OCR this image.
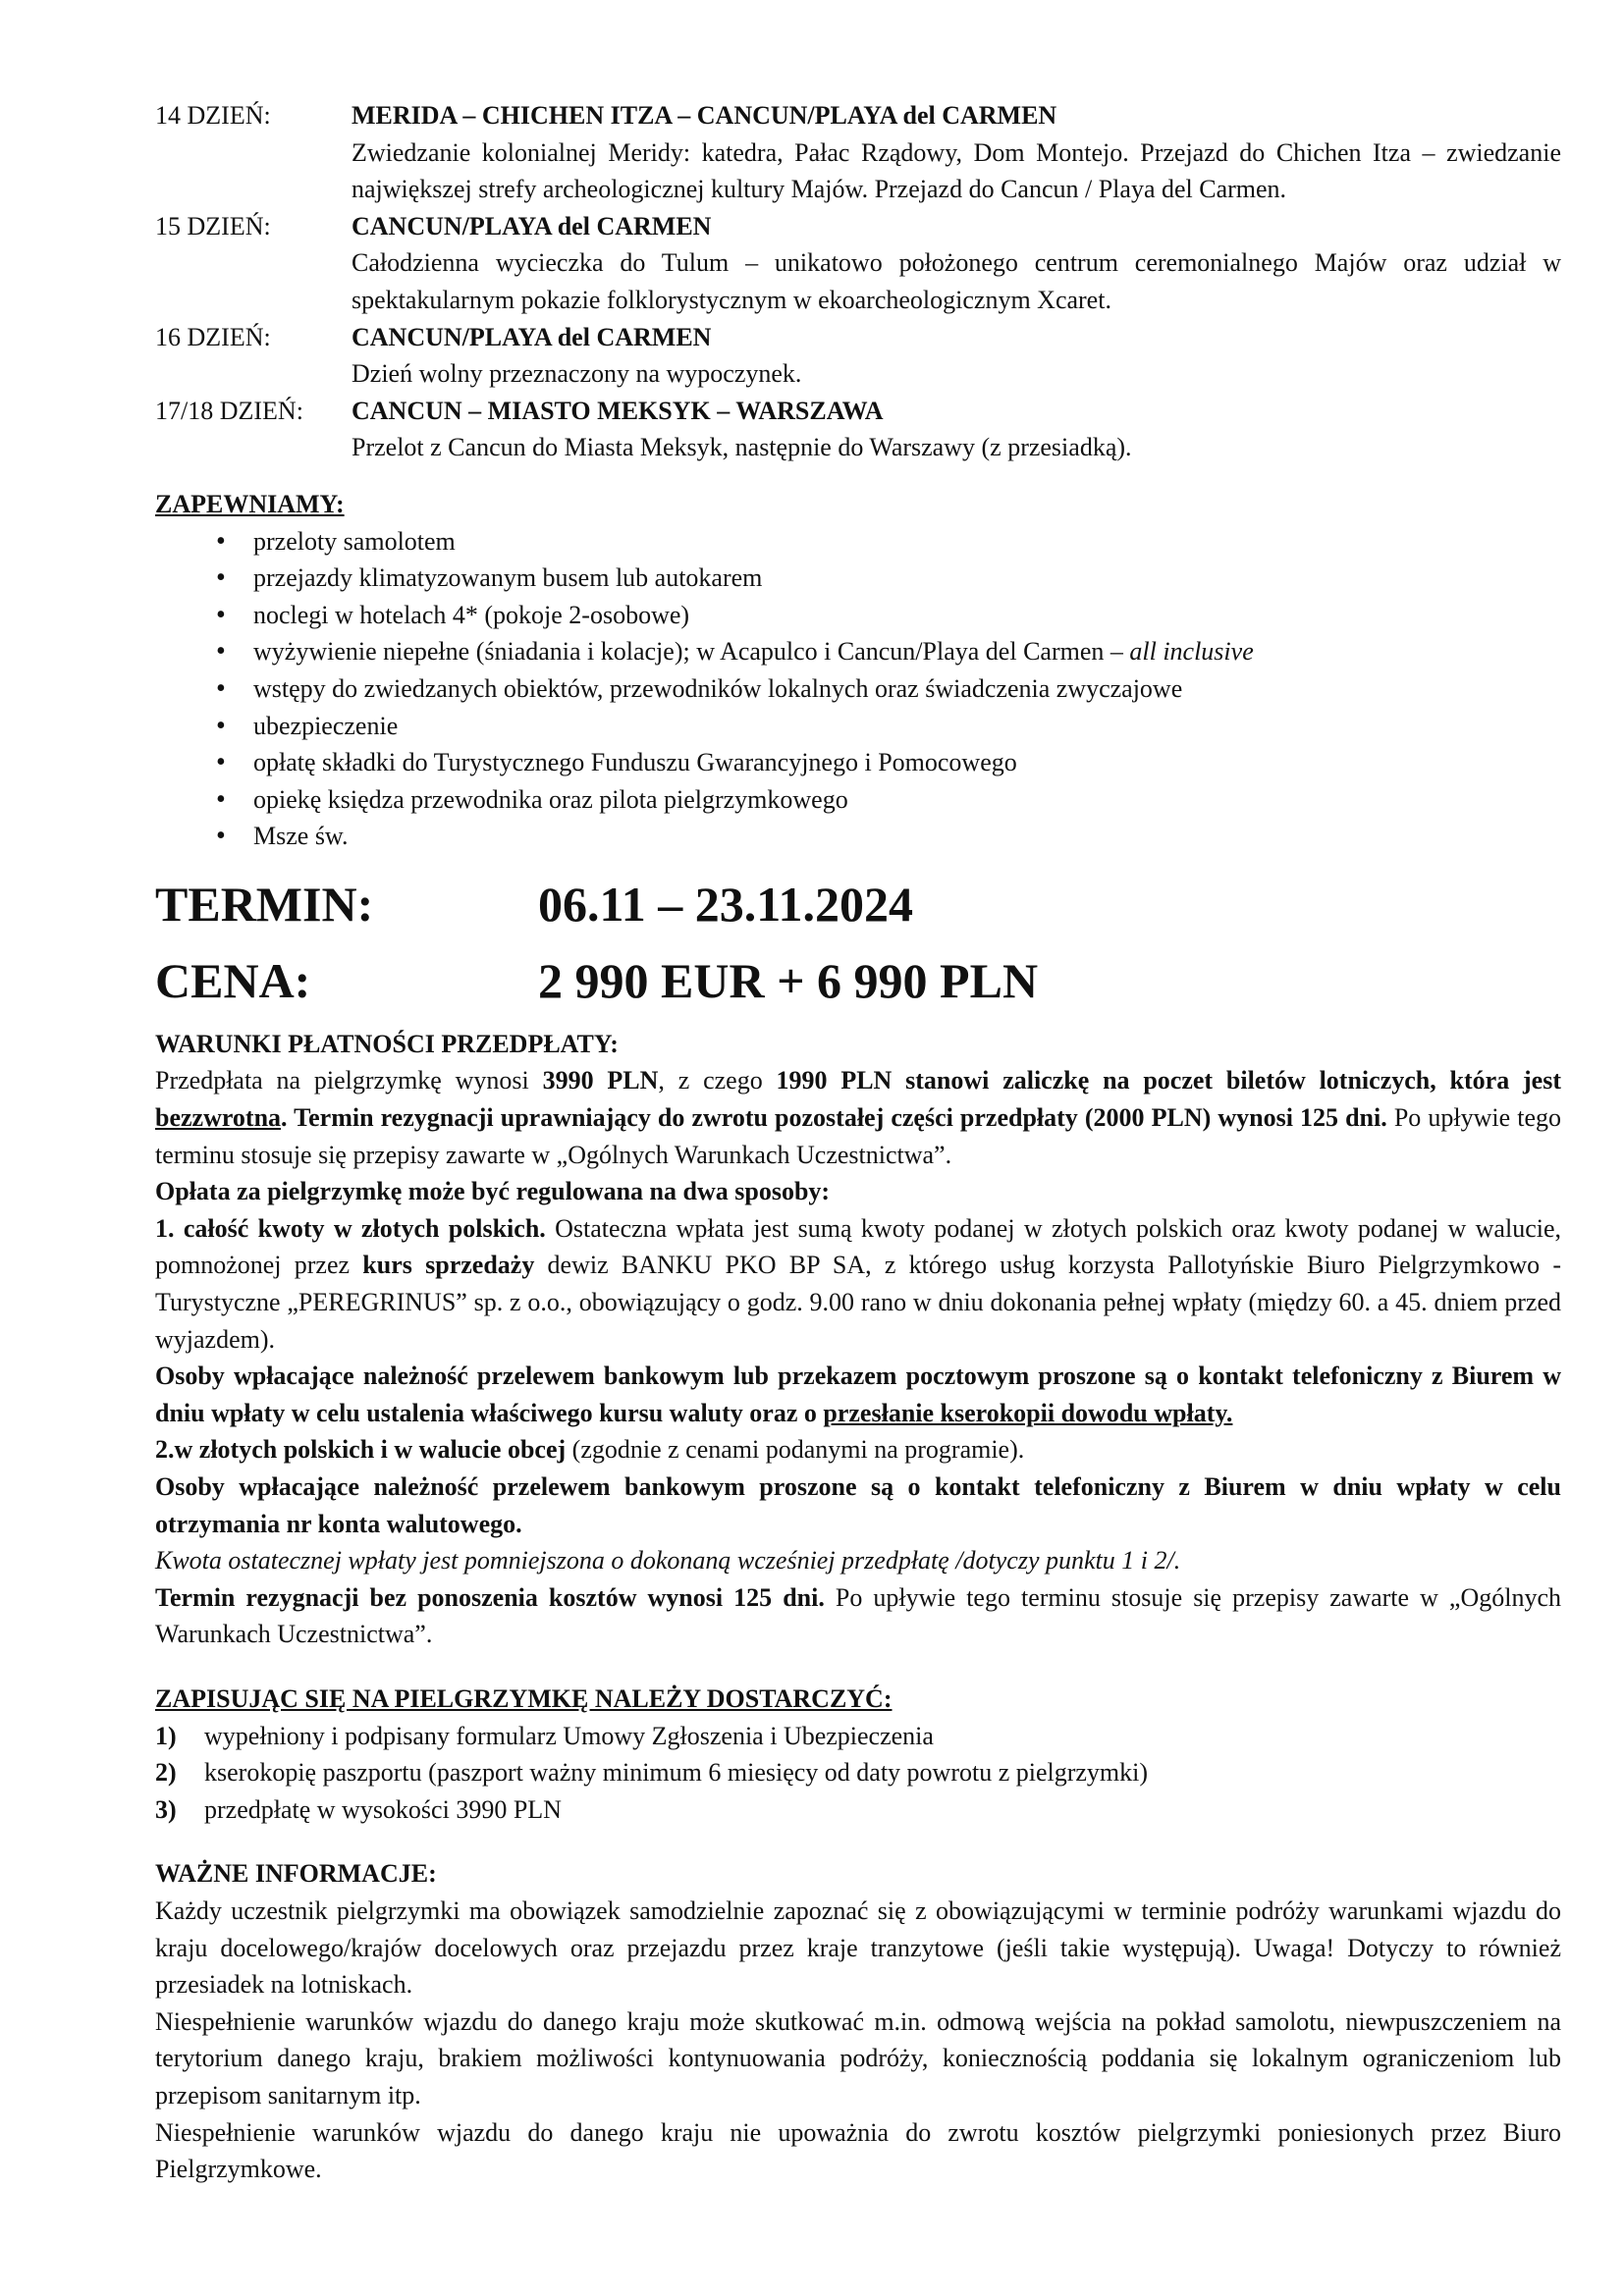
14 DZIEŃ:	MERIDA – CHICHEN ITZA – CANCUN/PLAYA del CARMEN
Zwiedzanie kolonialnej Meridy: katedra, Pałac Rządowy, Dom Montejo. Przejazd do Chichen Itza – zwiedzanie największej strefy archeologicznej kultury Majów. Przejazd do Cancun / Playa del Carmen.
15 DZIEŃ:	CANCUN/PLAYA del CARMEN
Całodzienna wycieczka do Tulum – unikatowo położonego centrum ceremonialnego Majów oraz udział w spektakularnym pokazie folklorystycznym w ekoarcheologicznym Xcaret.
16 DZIEŃ:	CANCUN/PLAYA del CARMEN
Dzień wolny przeznaczony na wypoczynek.
17/18 DZIEŃ:	CANCUN – MIASTO MEKSYK – WARSZAWA
Przelot z Cancun do Miasta Meksyk, następnie do Warszawy (z przesiadką).
ZAPEWNIAMY:
• przeloty samolotem
• przejazdy klimatyzowanym busem lub autokarem
• noclegi w hotelach 4* (pokoje 2-osobowe)
• wyżywienie niepełne (śniadania i kolacje); w Acapulco i Cancun/Playa del Carmen – all inclusive
• wstępy do zwiedzanych obiektów, przewodników lokalnych oraz świadczenia zwyczajowe
• ubezpieczenie
• opłatę składki do Turystycznego Funduszu Gwarancyjnego i Pomocowego
• opiekę księdza przewodnika oraz pilota pielgrzymkowego
• Msze św.
TERMIN:	06.11 – 23.11.2024
CENA:	2 990 EUR + 6 990 PLN
WARUNKI PŁATNOŚCI PRZEDPŁATY:
Przedpłata na pielgrzymkę wynosi 3990 PLN, z czego 1990 PLN stanowi zaliczkę na poczet biletów lotniczych, która jest bezzwrotna. Termin rezygnacji uprawniający do zwrotu pozostałej części przedpłaty (2000 PLN) wynosi 125 dni. Po upływie tego terminu stosuje się przepisy zawarte w „Ogólnych Warunkach Uczestnictwa”.
Opłata za pielgrzymkę może być regulowana na dwa sposoby:
1. całość kwoty w złotych polskich. Ostateczna wpłata jest sumą kwoty podanej w złotych polskich oraz kwoty podanej w walucie, pomnożonej przez kurs sprzedaży dewiz BANKU PKO BP SA, z którego usług korzysta Pallotyńskie Biuro Pielgrzymkowo - Turystyczne „PEREGRINUS” sp. z o.o., obowiązujący o godz. 9.00 rano w dniu dokonania pełnej wpłaty (między 60. a 45. dniem przed wyjazdem).
Osoby wpłacające należność przelewem bankowym lub przekazem pocztowym proszone są o kontakt telefoniczny z Biurem w dniu wpłaty w celu ustalenia właściwego kursu waluty oraz o przesłanie kserokopii dowodu wpłaty.
2.w złotych polskich i w walucie obcej (zgodnie z cenami podanymi na programie).
Osoby wpłacające należność przelewem bankowym proszone są o kontakt telefoniczny z Biurem w dniu wpłaty w celu otrzymania nr konta walutowego.
Kwota ostatecznej wpłaty jest pomniejszona o dokonaną wcześniej przedpłatę /dotyczy punktu 1 i 2/.
Termin rezygnacji bez ponoszenia kosztów wynosi 125 dni. Po upływie tego terminu stosuje się przepisy zawarte w „Ogólnych Warunkach Uczestnictwa”.
ZAPISUJĄC SIĘ NA PIELGRZYMKĘ NALEŻY DOSTARCZYĆ:
1)	wypełniony i podpisany formularz Umowy Zgłoszenia i Ubezpieczenia
2)	kserokopię paszportu (paszport ważny minimum 6 miesięcy od daty powrotu z pielgrzymki)
3)	przedpłatę w wysokości 3990 PLN
WAŻNE INFORMACJE:
Każdy uczestnik pielgrzymki ma obowiązek samodzielnie zapoznać się z obowiązującymi w terminie podróży warunkami wjazdu do kraju docelowego/krajów docelowych oraz przejazdu przez kraje tranzytowe (jeśli takie występują). Uwaga! Dotyczy to również przesiadek na lotniskach.
Niespełnienie warunków wjazdu do danego kraju może skutkować m.in. odmową wejścia na pokład samolotu, niewpuszczeniem na terytorium danego kraju, brakiem możliwości kontynuowania podróży, koniecznością poddania się lokalnym ograniczeniom lub przepisom sanitarnym itp.
Niespełnienie warunków wjazdu do danego kraju nie upoważnia do zwrotu kosztów pielgrzymki poniesionych przez Biuro Pielgrzymkowe.
